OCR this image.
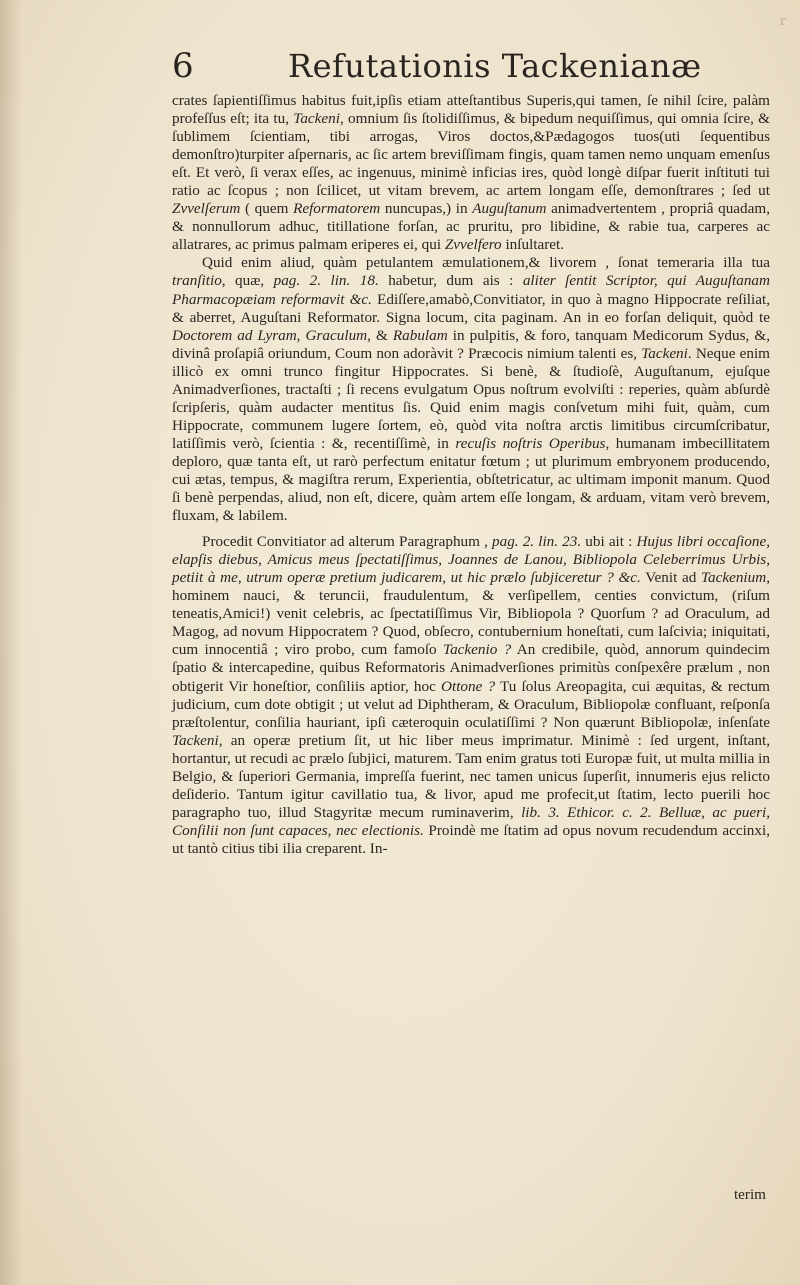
6	Refutationis Tackenianæ
r

crates ſapientiſſimus habitus fuit,ipſis etiam atteſtantibus Superis,qui tamen, ſe nihil ſcire, palàm profeſſus eſt; ita tu, Tackeni, omnium ſis ſtolidiſſimus, & bipedum nequiſſimus, qui omnia ſcire, & ſublimem ſcientiam, tibi arrogas, Viros doctos,&Pædagogos tuos(uti ſequentibus demonſtro)turpiter aſpernaris, ac ſic artem breviſſimam fingis, quam tamen nemo unquam emenſus eſt. Et verò, ſi verax eſſes, ac ingenuus, minimè inficias ires, quòd longè diſpar fuerit inſtituti tui ratio ac ſcopus ; non ſcilicet, ut vitam brevem, ac artem longam eſſe, demonſtrares ; ſed ut Zvvelſerum ( quem Reformatorem nuncupas,) in Auguſtanum animadvertentem , propriâ quadam, & nonnullorum adhuc, titillatione forſan, ac pruritu, pro libidine, & rabie tua, carperes ac allatrares, ac primus palmam eriperes ei, qui Zvvelfero inſultaret.

Quid enim aliud, quàm petulantem æmulationem,& livorem , ſonat temeraria illa tua tranſitio, quæ, pag. 2. lin. 18. habetur, dum ais : aliter ſentit Scriptor, qui Auguſtanam Pharmacopæiam reformavit &c. Ediſſere,amabò,Convitiator, in quo à magno Hippocrate reſiliat, & aberret, Auguſtani Reformator. Signa locum, cita paginam. An in eo forſan deliquit, quòd te Doctorem ad Lyram, Graculum, & Rabulam in pulpitis, & foro, tanquam Medicorum Sydus, &, divinâ proſapiâ oriundum, Coum non adoràvit ? Præcocis nimium talenti es, Tackeni. Neque enim illicò ex omni trunco fingitur Hippocrates. Si benè, & ſtudioſè, Auguſtanum, ejuſque Animadverſiones, tractaſti ; ſi recens evulgatum Opus noſtrum evolviſti : reperies, quàm abſurdè ſcripſeris, quàm audacter mentitus ſis. Quid enim magis conſvetum mihi fuit, quàm, cum Hippocrate, communem lugere ſortem, eò, quòd vita noſtra arctis limitibus circumſcribatur, latiſſimis verò, ſcientia : &, recentiſſimè, in recuſis noſtris Operibus, humanam imbecillitatem deploro, quæ tanta eſt, ut rarò perfectum enitatur fœtum ; ut plurimum embryonem producendo, cui ætas, tempus, & magiſtra rerum, Experientia, obſtetricatur, ac ultimam imponit manum. Quod ſi benè perpendas, aliud, non eſt, dicere, quàm artem eſſe longam, & arduam, vitam verò brevem, fluxam, & labilem.

Procedit Convitiator ad alterum Paragraphum , pag. 2. lin. 23. ubi ait : Hujus libri occaſione, elapſis diebus, Amicus meus ſpectatiſſimus, Joannes de Lanou, Bibliopola Celeberrimus Urbis, petiit à me, utrum operæ pretium judicarem, ut hic prælo ſubjiceretur ? &c. Venit ad Tackenium, hominem nauci, & teruncii, fraudulentum, & verſipellem, centies convictum, (riſum teneatis,Amici!) venit celebris, ac ſpectatiſſimus Vir, Bibliopola ? Quorſum ? ad Oraculum, ad Magog, ad novum Hippocratem ? Quod, obſecro, contubernium honeſtati, cum laſcivia; iniquitati, cum innocentiâ ; viro probo, cum famoſo Tackenio ? An credibile, quòd, annorum quindecim ſpatio & intercapedine, quibus Reformatoris Animadverſiones primitùs conſpexêre prælum , non obtigerit Vir honeſtior, conſiliis aptior, hoc Ottone ? Tu ſolus Areopagita, cui æquitas, & rectum judicium, cum dote obtigit ; ut velut ad Diphtheram, & Oraculum, Bibliopolæ confluant, reſponſa præſtolentur, conſilia hauriant, ipſi cæteroquin oculatiſſimi ? Non quærunt Bibliopolæ, inſenſate Tackeni, an operæ pretium ſit, ut hic liber meus imprimatur. Minimè : ſed urgent, inſtant, hortantur, ut recudi ac prælo ſubjici, maturem. Tam enim gratus toti Europæ fuit, ut multa millia in Belgio, & ſuperiori Germania, impreſſa fuerint, nec tamen unicus ſuperſit, innumeris ejus relicto deſiderio. Tantum igitur cavillatio tua, & livor, apud me profecit,ut ſtatim, lecto puerili hoc paragrapho tuo, illud Stagyritæ mecum ruminaverim, lib. 3. Ethicor. c. 2. Belluæ, ac pueri, Conſilii non ſunt capaces, nec electionis. Proindè me ſtatim ad opus novum recudendum accinxi, ut tantò citius tibi ilia creparent. In-

terim
